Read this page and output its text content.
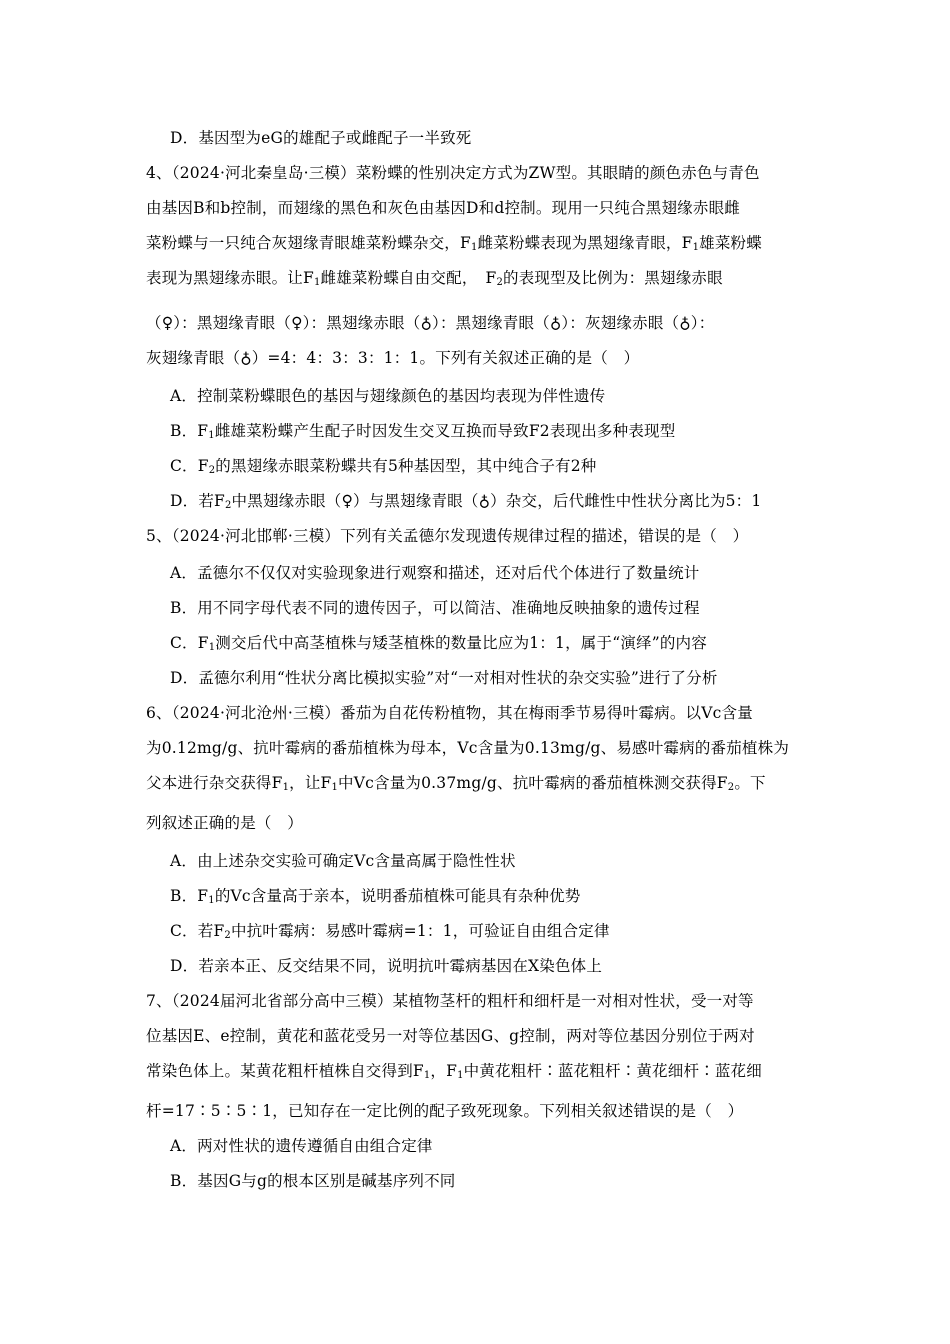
D．基因型为eG的雄配子或雌配子一半致死
4、（2024·河北秦皇岛·三模）菜粉蝶的性别决定方式为ZW型。其眼睛的颜色赤色与青色
由基因B和b控制，而翅缘的黑色和灰色由基因D和d控制。现用一只纯合黑翅缘赤眼雌
菜粉蝶与一只纯合灰翅缘青眼雄菜粉蝶杂交，$F_1$雌菜粉蝶表现为黑翅缘青眼，$F_1$雄菜粉蝶
表现为黑翅缘赤眼。让$F_1$雌雄菜粉蝶自由交配，　$F_2$的表现型及比例为：黑翅缘赤眼
（♀）：黑翅缘青眼（♀）：黑翅缘赤眼（♁）：黑翅缘青眼（♁）：灰翅缘赤眼（♁）：
灰翅缘青眼（♁）=4：4：3：3：1：1。下列有关叙述正确的是（　）
A．控制菜粉蝶眼色的基因与翅缘颜色的基因均表现为伴性遗传
B．$F_1$雌雄菜粉蝶产生配子时因发生交叉互换而导致F2表现出多种表现型
C．$F_2$的黑翅缘赤眼菜粉蝶共有5种基因型，其中纯合子有2种
D．若$F_2$中黑翅缘赤眼（♀）与黑翅缘青眼（♁）杂交，后代雌性中性状分离比为5：1
5、（2024·河北邯郸·三模）下列有关孟德尔发现遗传规律过程的描述，错误的是（　）
A．孟德尔不仅仅对实验现象进行观察和描述，还对后代个体进行了数量统计
B．用不同字母代表不同的遗传因子，可以简洁、准确地反映抽象的遗传过程
C．$F_1$测交后代中高茎植株与矮茎植株的数量比应为1：1，属于“演绎”的内容
D．孟德尔利用“性状分离比模拟实验”对“一对相对性状的杂交实验”进行了分析
6、（2024·河北沧州·三模）番茄为自花传粉植物，其在梅雨季节易得叶霉病。以Vc含量
为0.12mg/g、抗叶霉病的番茄植株为母本，Vc含量为0.13mg/g、易感叶霉病的番茄植株为
父本进行杂交获得$F_1$，让$F_1$中Vc含量为0.37mg/g、抗叶霉病的番茄植株测交获得$F_2$。下
列叙述正确的是（　）
A．由上述杂交实验可确定Vc含量高属于隐性性状
B．$F_1$的Vc含量高于亲本，说明番茄植株可能具有杂种优势
C．若$F_2$中抗叶霉病：易感叶霉病=1：1，可验证自由组合定律
D．若亲本正、反交结果不同，说明抗叶霉病基因在X染色体上
7、（2024届河北省部分高中三模）某植物茎杆的粗杆和细杆是一对相对性状，受一对等
位基因E、e控制，黄花和蓝花受另一对等位基因G、g控制，两对等位基因分别位于两对
常染色体上。某黄花粗杆植株自交得到$F_1$，$F_1$中黄花粗杆∶蓝花粗杆∶黄花细杆∶蓝花细
杆=17∶5∶5∶1，已知存在一定比例的配子致死现象。下列相关叙述错误的是（　）
A．两对性状的遗传遵循自由组合定律
B．基因G与g的根本区别是碱基序列不同
